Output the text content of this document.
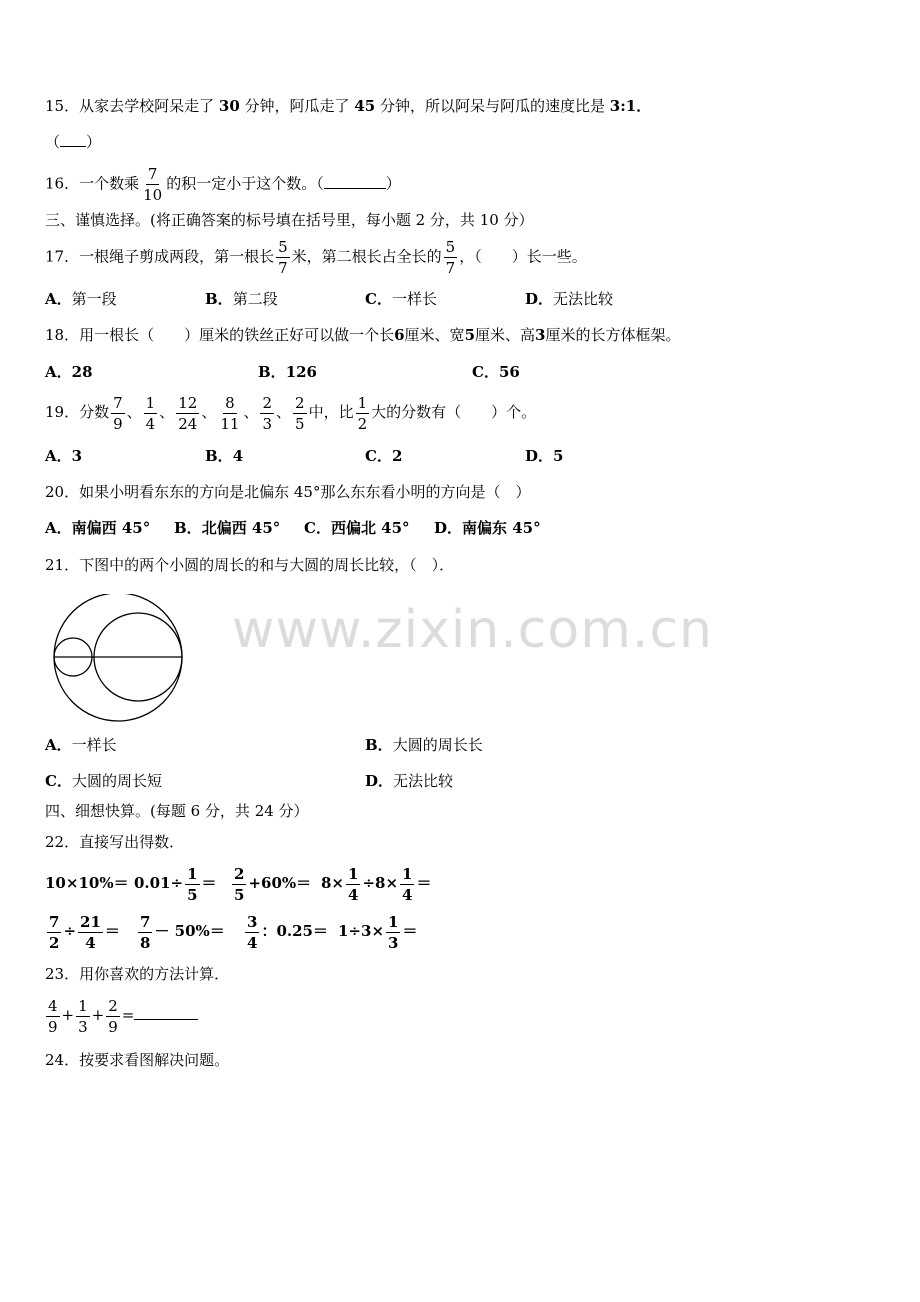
www.zixin.com.cn
15．从家去学校阿呆走了 30 分钟，阿瓜走了 45 分钟，所以阿呆与阿瓜的速度比是 3:1．
（ ）
16．一个数乘 $\frac{7}{10}$ 的积一定小于这个数。（	）
三、谨慎选择。(将正确答案的标号填在括号里，每小题 2 分，共 10 分）
17．一根绳子剪成两段，第一根长 $\frac{5}{7}$ 米，第二根长占全长的 $\frac{5}{7}$ ，（　　）长一些。
A．第一段	B．第二段	C．一样长	D．无法比较
18．用一根长（　　）厘米的铁丝正好可以做一个长6厘米、宽5厘米、高3厘米的长方体框架。
A．28	B．126	C．56
19．分数 $\frac{7}{9}$ 、 $\frac{1}{4}$ 、 $\frac{12}{24}$ 、 $\frac{8}{11}$ 、 $\frac{2}{3}$ 、 $\frac{2}{5}$ 中，比 $\frac{1}{2}$ 大的分数有（　　）个。
A．3	B．4	C．2	D．5
20．如果小明看东东的方向是北偏东 45°那么东东看小明的方向是（　）
A．南偏西 45° B．北偏西 45° C．西偏北 45° D．南偏东 45°
21．下图中的两个小圆的周长的和与大圆的周长比较，（　）．
A．一样长	B．大圆的周长长
C．大圆的周长短	D．无法比较
四、细想快算。(每题 6 分，共 24 分）
22．直接写出得数．
$10\times 10\%= 0.01\div \frac{1}{5} = \frac{2}{5} +60\%= 8\times \frac{1}{4} \div 8\times \frac{1}{4}$ ＝
$\frac{7}{2} \div \frac{21}{4} = \frac{7}{8} - 50\%= \frac{3}{4}$ ：$0.25= 1\div 3\times \frac{1}{3}$ ＝
23．用你喜欢的方法计算．
$\frac{4}{9} + \frac{1}{3} + \frac{2}{9}$ =
24．按要求看图解决问题。
